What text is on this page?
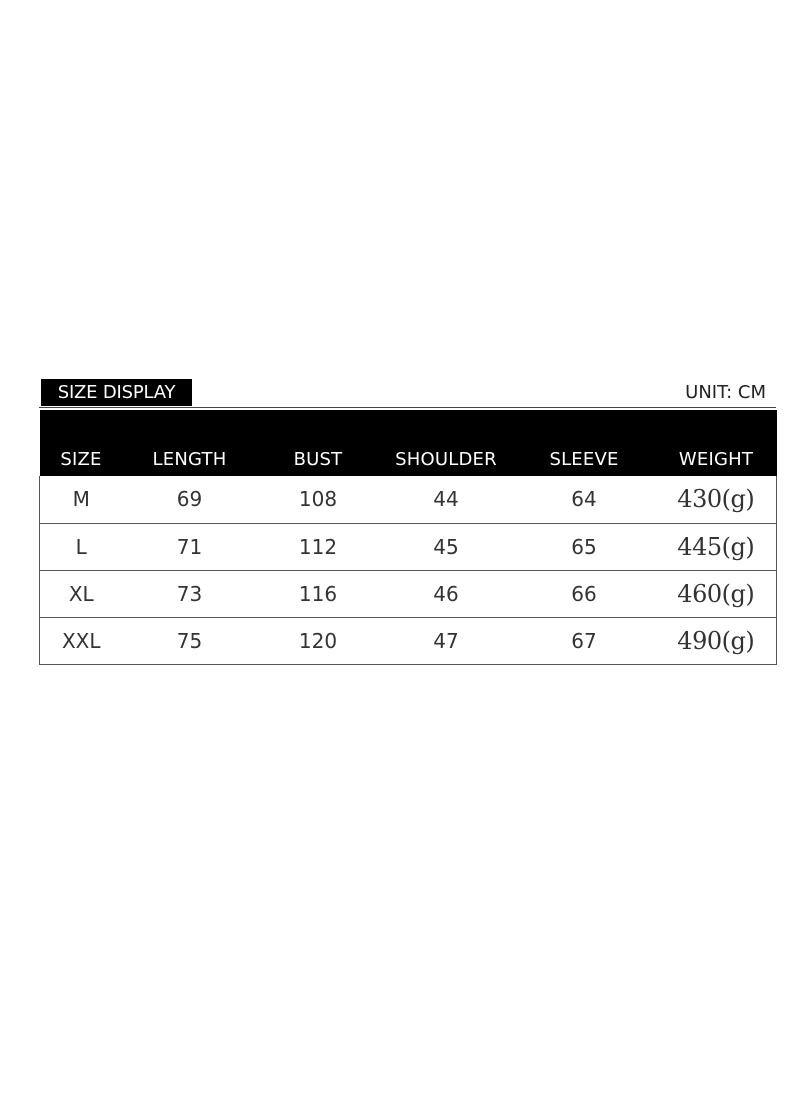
SIZE DISPLAY	UNIT: CM
SIZE	LENGTH	BUST	SHOULDER	SLEEVE	WEIGHT
M	69	108	44	64	430(g)
L	71	112	45	65	445(g)
XL	73	116	46	66	460(g)
XXL	75	120	47	67	490(g)
